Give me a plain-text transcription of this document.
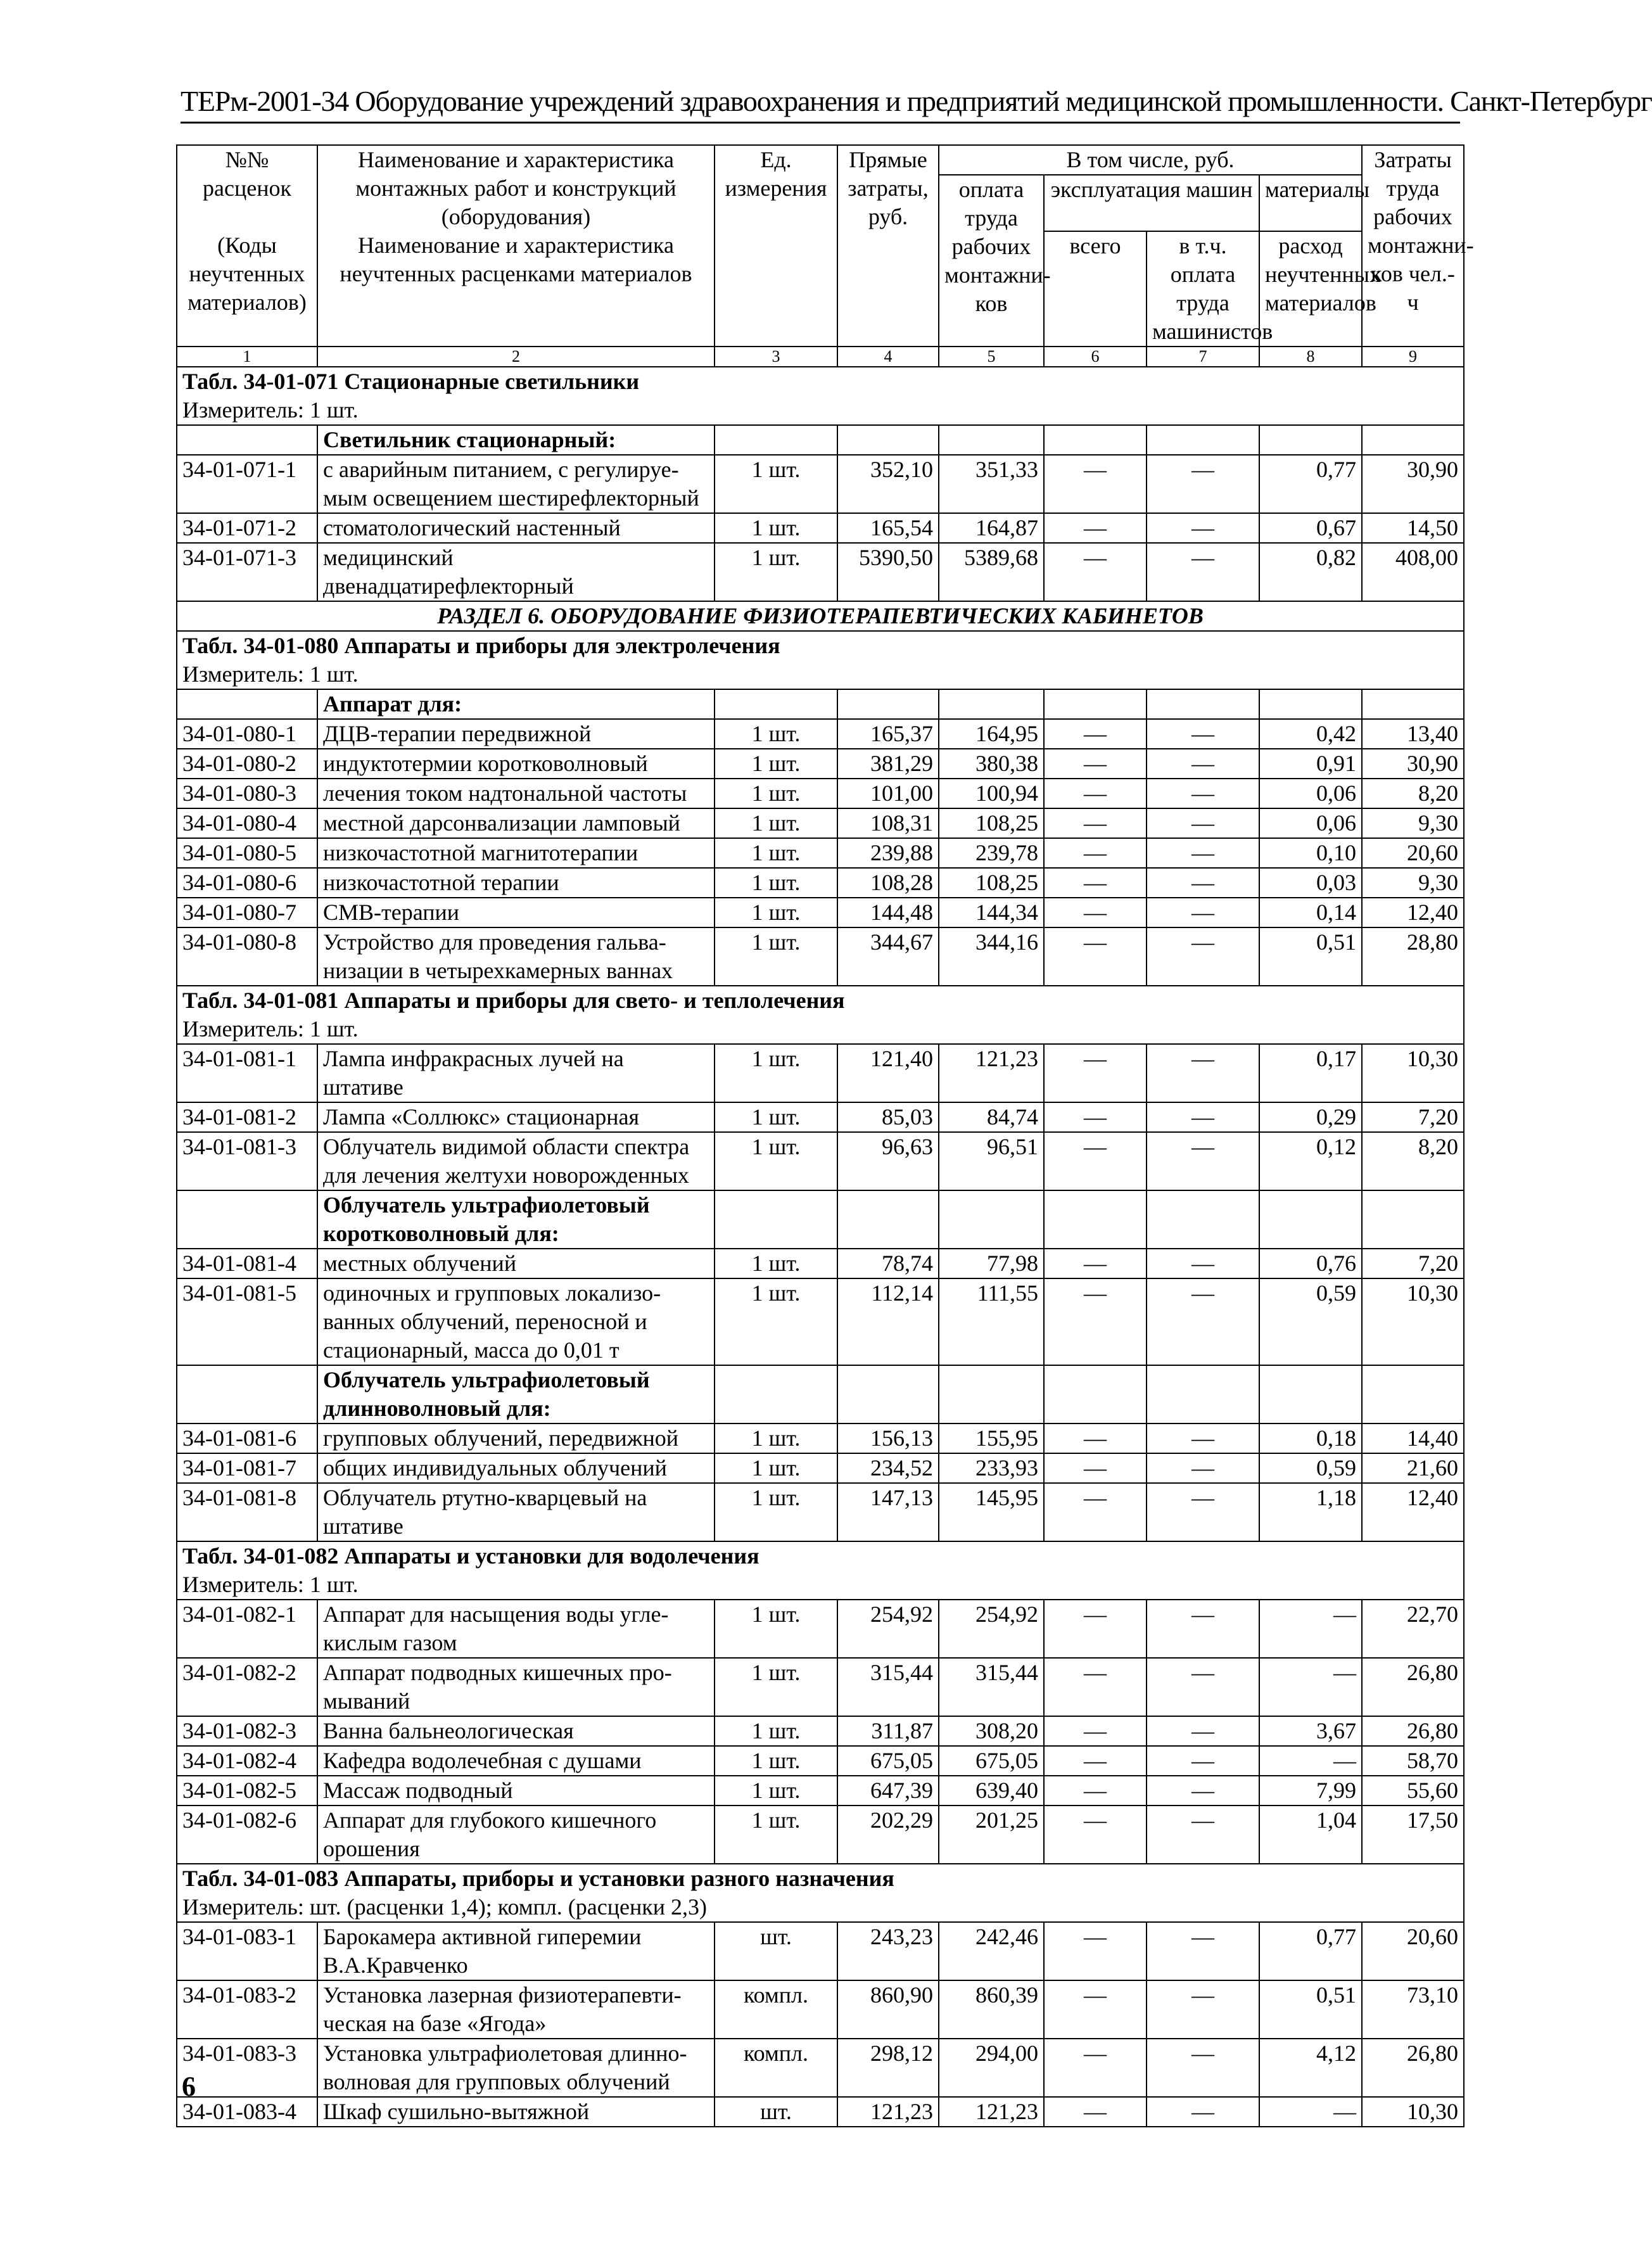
ТЕРм-2001-34 Оборудование учреждений здравоохранения и предприятий медицинской промышленности. Санкт-Петербург
№№ расценок	Наименование и характеристика монтажных работ и конструкций (оборудования)	Ед. измерения	Прямые затраты, руб.	В том числе, руб.				Затраты труда рабочих монтажни-ков чел.-ч
				оплата труда рабочих монтажни-ков	эксплуатация машин		материалы	
(Коды неучтенных материалов)	Наименование и характеристика неучтенных расценками материалов				всего	в т.ч. оплата труда машинистов	расход неучтенных материалов	
1	2	3	4	5	6	7	8	9

Табл. 34-01-071 Стационарные светильники
Измеритель: 1 шт.								

	Светильник стационарный:							
34-01-071-1	с аварийным питанием, с регулируе-мым освещением шестирефлекторный	1 шт.	352,10	351,33	—	—	0,77	30,90
34-01-071-2	стоматологический настенный	1 шт.	165,54	164,87	—	—	0,67	14,50
34-01-071-3	медицинский двенадцатирефлекторный	1 шт.	5390,50	5389,68	—	—	0,82	408,00
РАЗДЕЛ 6. ОБОРУДОВАНИЕ ФИЗИОТЕРАПЕВТИЧЕСКИХ КАБИНЕТОВ								

Табл. 34-01-080 Аппараты и приборы для электролечения
Измеритель: 1 шт.								

	Аппарат для:							
34-01-080-1	ДЦВ-терапии передвижной	1 шт.	165,37	164,95	—	—	0,42	13,40
34-01-080-2	индуктотермии коротковолновый	1 шт.	381,29	380,38	—	—	0,91	30,90
34-01-080-3	лечения током надтональной частоты	1 шт.	101,00	100,94	—	—	0,06	8,20
34-01-080-4	местной дарсонвализации ламповый	1 шт.	108,31	108,25	—	—	0,06	9,30
34-01-080-5	низкочастотной магнитотерапии	1 шт.	239,88	239,78	—	—	0,10	20,60
34-01-080-6	низкочастотной терапии	1 шт.	108,28	108,25	—	—	0,03	9,30
34-01-080-7	СМВ-терапии	1 шт.	144,48	144,34	—	—	0,14	12,40
34-01-080-8	Устройство для проведения гальва-низации в четырехкамерных ваннах	1 шт.	344,67	344,16	—	—	0,51	28,80

Табл. 34-01-081 Аппараты и приборы для свето- и теплолечения
Измеритель: 1 шт.								

34-01-081-1	Лампа инфракрасных лучей на штативе	1 шт.	121,40	121,23	—	—	0,17	10,30
34-01-081-2	Лампа «Соллюкс» стационарная	1 шт.	85,03	84,74	—	—	0,29	7,20
34-01-081-3	Облучатель видимой области спектра для лечения желтухи новорожденных	1 шт.	96,63	96,51	—	—	0,12	8,20
	Облучатель ультрафиолетовый коротковолновый для:							
34-01-081-4	местных облучений	1 шт.	78,74	77,98	—	—	0,76	7,20
34-01-081-5	одиночных и групповых локализо-ванных облучений, переносной и стационарный, масса до 0,01 т	1 шт.	112,14	111,55	—	—	0,59	10,30
	Облучатель ультрафиолетовый длинноволновый для:							
34-01-081-6	групповых облучений, передвижной	1 шт.	156,13	155,95	—	—	0,18	14,40
34-01-081-7	общих индивидуальных облучений	1 шт.	234,52	233,93	—	—	0,59	21,60
34-01-081-8	Облучатель ртутно-кварцевый на штативе	1 шт.	147,13	145,95	—	—	1,18	12,40

Табл. 34-01-082 Аппараты и установки для водолечения
Измеритель: 1 шт.								

34-01-082-1	Аппарат для насыщения воды угле-кислым газом	1 шт.	254,92	254,92	—	—	—	22,70
34-01-082-2	Аппарат подводных кишечных про-мываний	1 шт.	315,44	315,44	—	—	—	26,80
34-01-082-3	Ванна бальнеологическая	1 шт.	311,87	308,20	—	—	3,67	26,80
34-01-082-4	Кафедра водолечебная с душами	1 шт.	675,05	675,05	—	—	—	58,70
34-01-082-5	Массаж подводный	1 шт.	647,39	639,40	—	—	7,99	55,60
34-01-082-6	Аппарат для глубокого кишечного орошения	1 шт.	202,29	201,25	—	—	1,04	17,50

Табл. 34-01-083 Аппараты, приборы и установки разного назначения
Измеритель: шт. (расценки 1,4); компл. (расценки 2,3)								

34-01-083-1	Барокамера активной гиперемии В.А.Кравченко	шт.	243,23	242,46	—	—	0,77	20,60
34-01-083-2	Установка лазерная физиотерапевти-ческая на базе «Ягода»	компл.	860,90	860,39	—	—	0,51	73,10
34-01-083-3	Установка ультрафиолетовая длинно-волновая для групповых облучений	компл.	298,12	294,00	—	—	4,12	26,80
34-01-083-4	Шкаф сушильно-вытяжной	шт.	121,23	121,23	—	—	—	10,30
6
